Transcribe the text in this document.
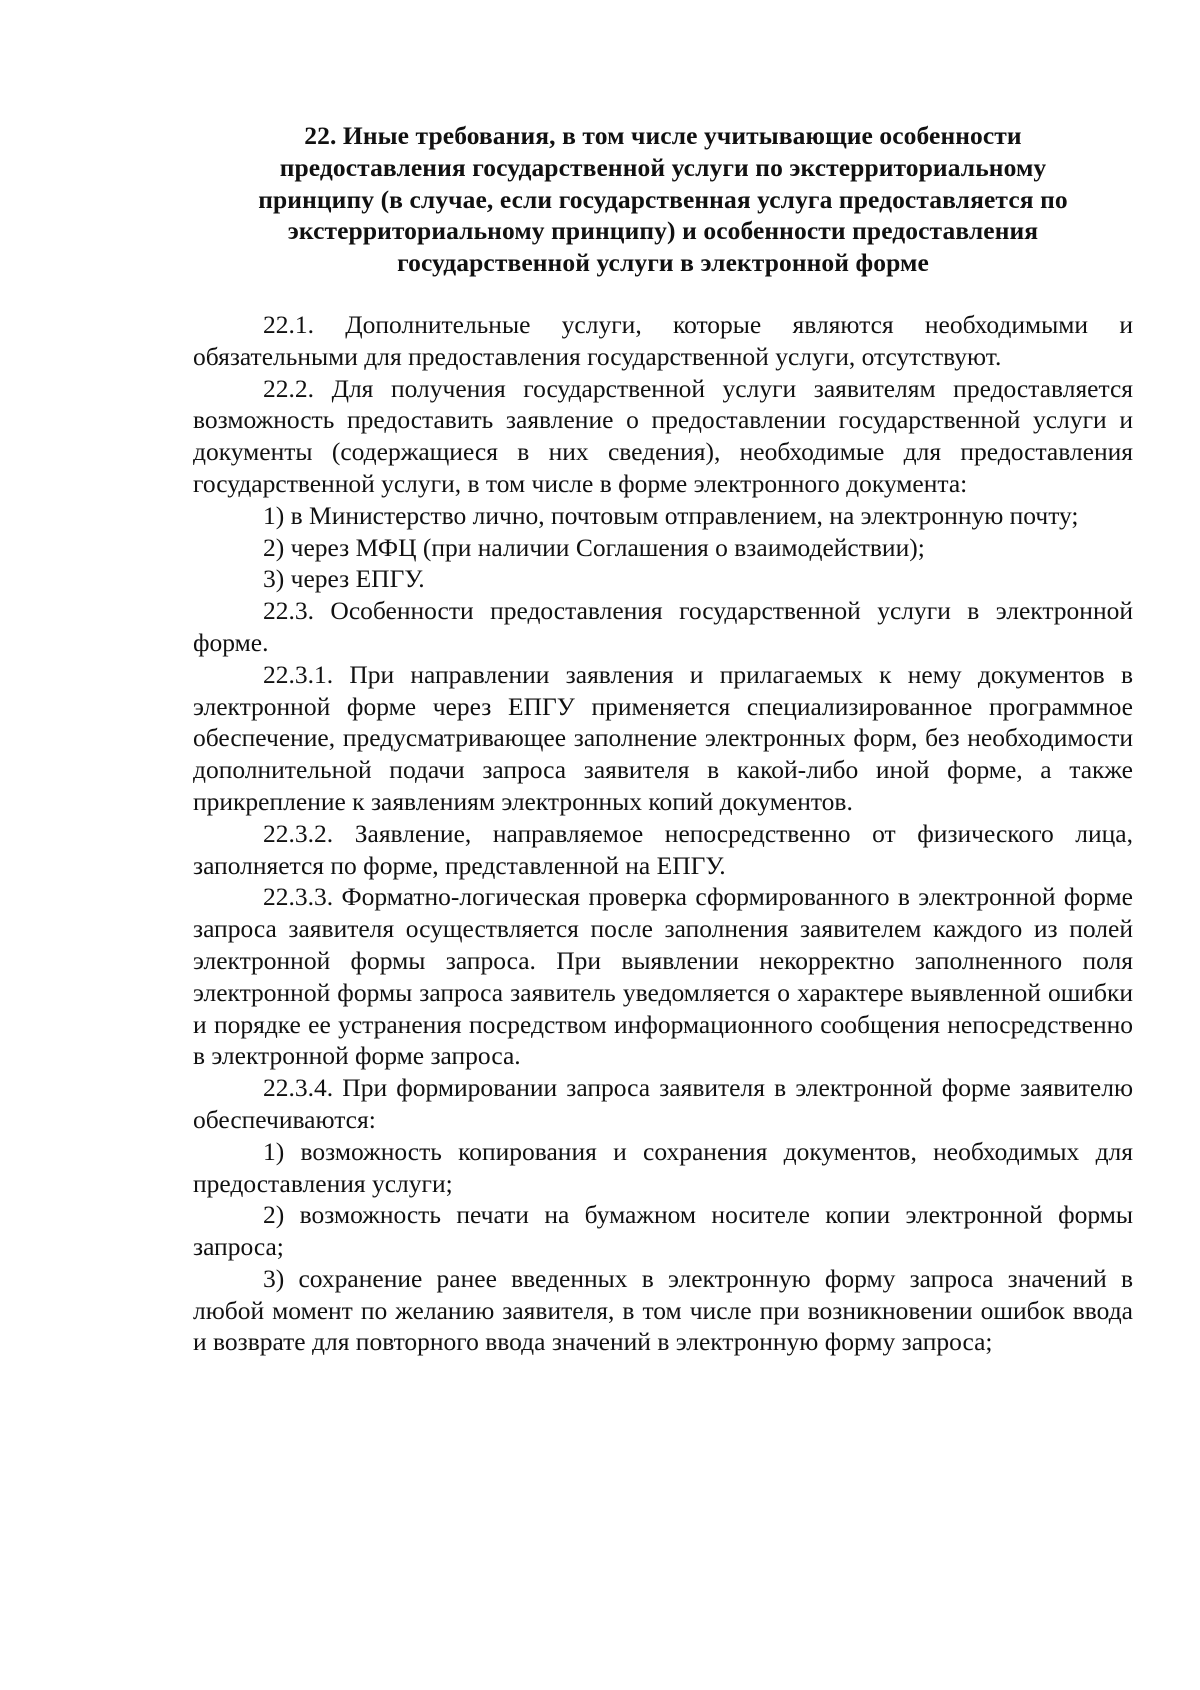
22. Иные требования, в том числе учитывающие особенности
предоставления государственной услуги по экстерриториальному
принципу (в случае, если государственная услуга предоставляется по
экстерриториальному принципу) и особенности предоставления
государственной услуги в электронной форме

22.1. Дополнительные услуги, которые являются необходимыми и обязательными для предоставления государственной услуги, отсутствуют.

22.2. Для получения государственной услуги заявителям предоставляется возможность предоставить заявление о предоставлении государственной услуги и документы (содержащиеся в них сведения), необходимые для предоставления государственной услуги, в том числе в форме электронного документа:

1) в Министерство лично, почтовым отправлением, на электронную почту;

2) через МФЦ (при наличии Соглашения о взаимодействии);

3) через ЕПГУ.

22.3. Особенности предоставления государственной услуги в электронной форме.

22.3.1. При направлении заявления и прилагаемых к нему документов в электронной форме через ЕПГУ применяется специализированное программное обеспечение, предусматривающее заполнение электронных форм, без необходимости дополнительной подачи запроса заявителя в какой-либо иной форме, а также прикрепление к заявлениям электронных копий документов.

22.3.2. Заявление, направляемое непосредственно от физического лица, заполняется по форме, представленной на ЕПГУ.

22.3.3. Форматно-логическая проверка сформированного в электронной форме запроса заявителя осуществляется после заполнения заявителем каждого из полей электронной формы запроса. При выявлении некорректно заполненного поля электронной формы запроса заявитель уведомляется о характере выявленной ошибки и порядке ее устранения посредством информационного сообщения непосредственно в электронной форме запроса.

22.3.4. При формировании запроса заявителя в электронной форме заявителю обеспечиваются:

1) возможность копирования и сохранения документов, необходимых для предоставления услуги;

2) возможность печати на бумажном носителе копии электронной формы запроса;

3) сохранение ранее введенных в электронную форму запроса значений в любой момент по желанию заявителя, в том числе при возникновении ошибок ввода и возврате для повторного ввода значений в электронную форму запроса;
